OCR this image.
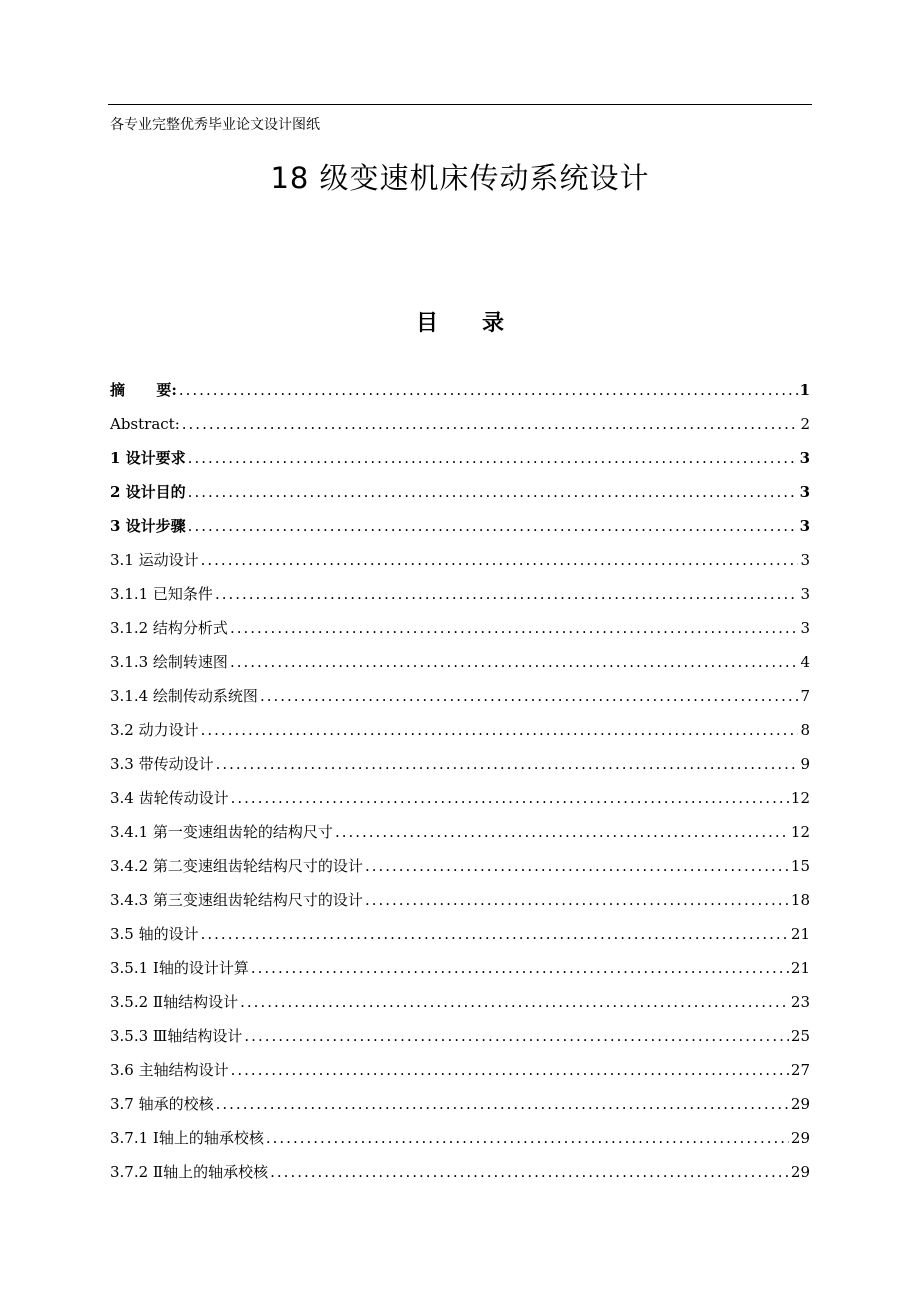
各专业完整优秀毕业论文设计图纸
18 级变速机床传动系统设计
目录
摘      要: .....	1
Abstract: .....	2
1 设计要求 .....	3
2 设计目的 .....	3
3 设计步骤 .....	3
3.1 运动设计 .....	3
3.1.1 已知条件 .....	3
3.1.2 结构分析式 .....	3
3.1.3 绘制转速图 .....	4
3.1.4 绘制传动系统图 .....	7
3.2 动力设计 .....	8
3.3 带传动设计 .....	9
3.4 齿轮传动设计 .....	12
3.4.1 第一变速组齿轮的结构尺寸 .....	12
3.4.2 第二变速组齿轮结构尺寸的设计 .....	15
3.4.3 第三变速组齿轮结构尺寸的设计 .....	18
3.5 轴的设计 .....	21
3.5.1 Ⅰ轴的设计计算 .....	21
3.5.2 Ⅱ轴结构设计 .....	23
3.5.3 Ⅲ轴结构设计 .....	25
3.6 主轴结构设计 .....	27
3.7 轴承的校核 .....	29
3.7.1 Ⅰ轴上的轴承校核 .....	29
3.7.2 Ⅱ轴上的轴承校核 .....	29
